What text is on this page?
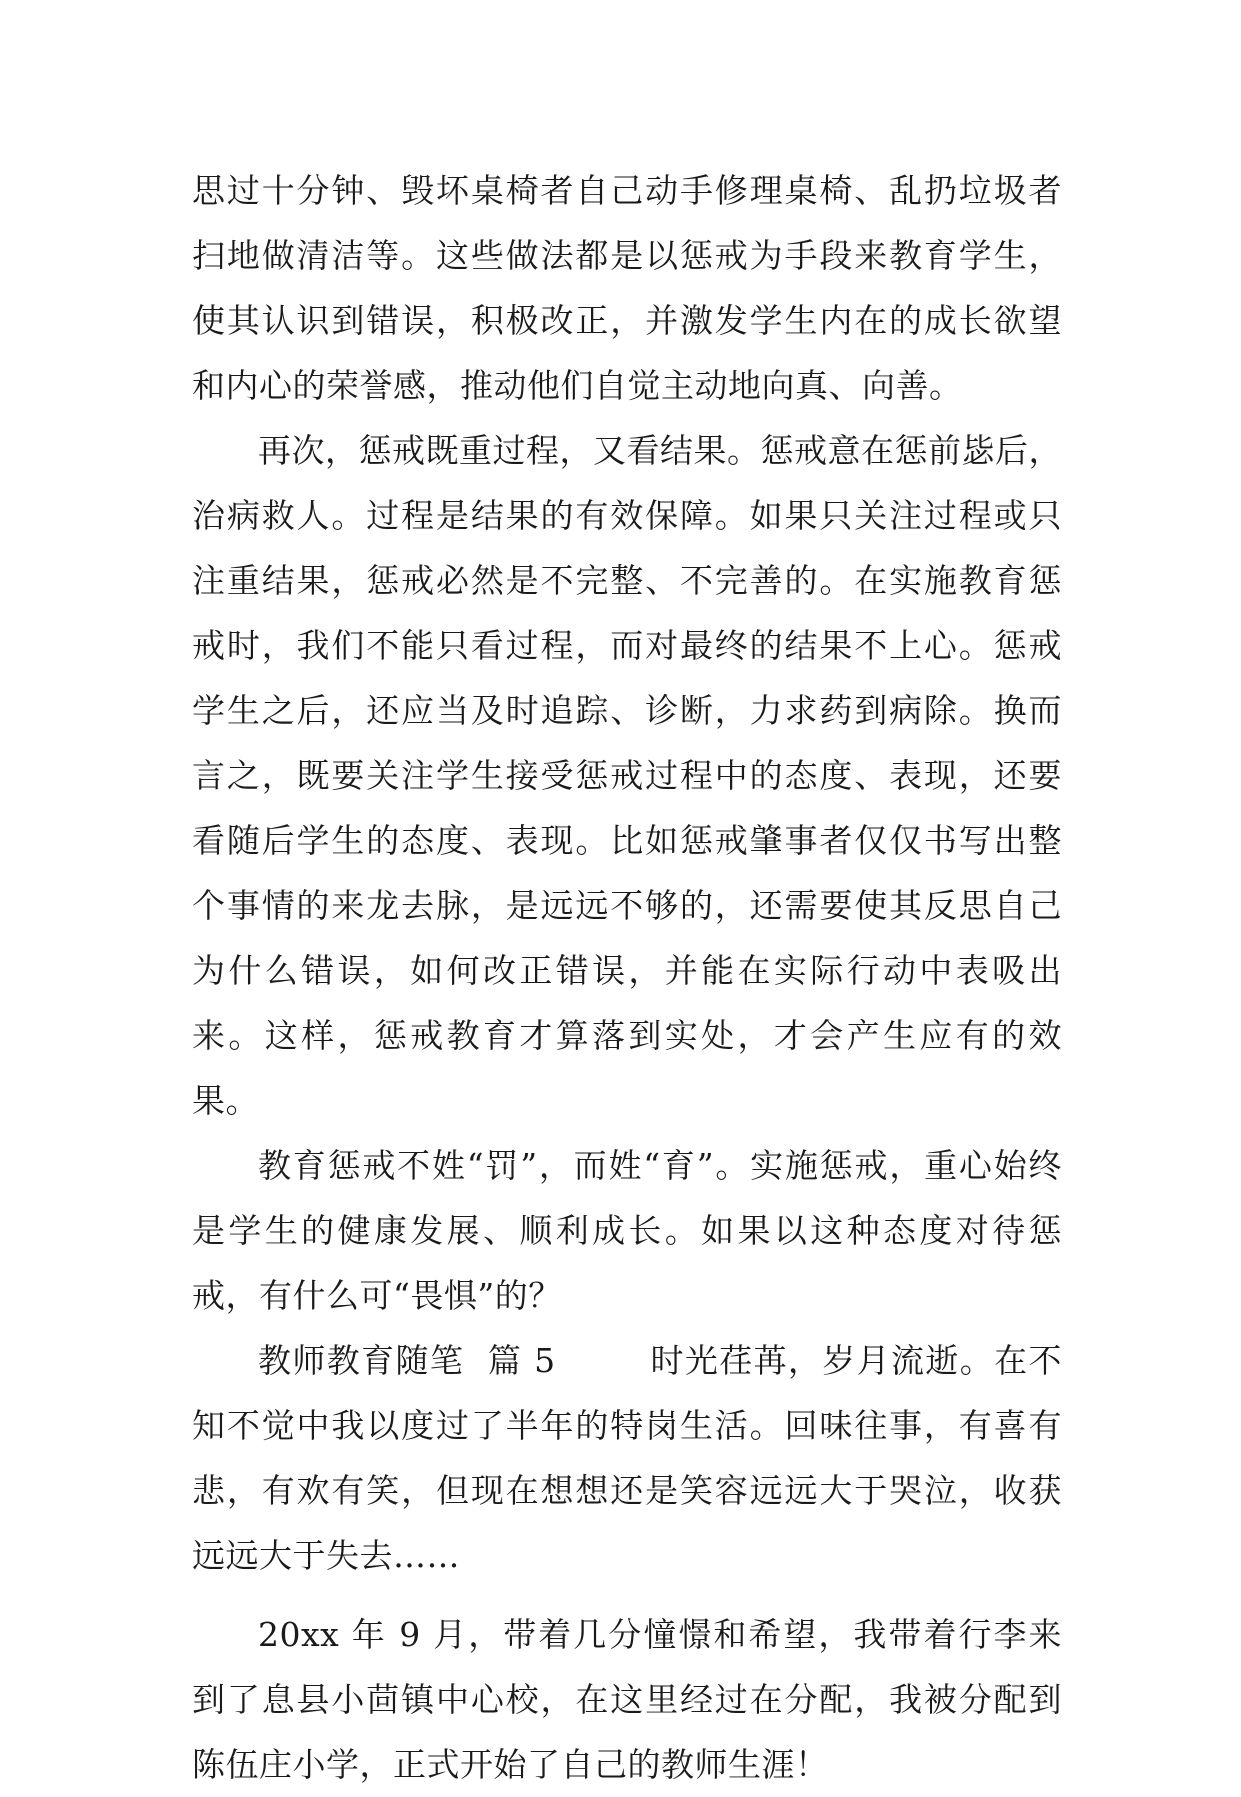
思过十分钟、毁坏桌椅者自己动手修理桌椅、乱扔垃圾者扫地做清洁等。这些做法都是以惩戒为手段来教育学生，使其认识到错误，积极改正，并激发学生内在的成长欲望和内心的荣誉感，推动他们自觉主动地向真、向善。

再次，惩戒既重过程，又看结果。惩戒意在惩前毖后，治病救人。过程是结果的有效保障。如果只关注过程或只注重结果，惩戒必然是不完整、不完善的。在实施教育惩戒时，我们不能只看过程，而对最终的结果不上心。惩戒学生之后，还应当及时追踪、诊断，力求药到病除。换而言之，既要关注学生接受惩戒过程中的态度、表现，还要看随后学生的态度、表现。比如惩戒肇事者仅仅书写出整个事情的来龙去脉，是远远不够的，还需要使其反思自己为什么错误，如何改正错误，并能在实际行动中表吸出来。这样，惩戒教育才算落到实处，才会产生应有的效果。

教育惩戒不姓“罚”，而姓“育”。实施惩戒，重心始终是学生的健康发展、顺利成长。如果以这种态度对待惩戒，有什么可“畏惧”的？

教师教育随笔  篇 5        时光荏苒，岁月流逝。在不知不觉中我以度过了半年的特岗生活。回味往事，有喜有悲，有欢有笑，但现在想想还是笑容远远大于哭泣，收获远远大于失去……

20xx 年 9 月，带着几分憧憬和希望，我带着行李来到了息县小茴镇中心校，在这里经过在分配，我被分配到陈伍庄小学，正式开始了自己的教师生涯！
